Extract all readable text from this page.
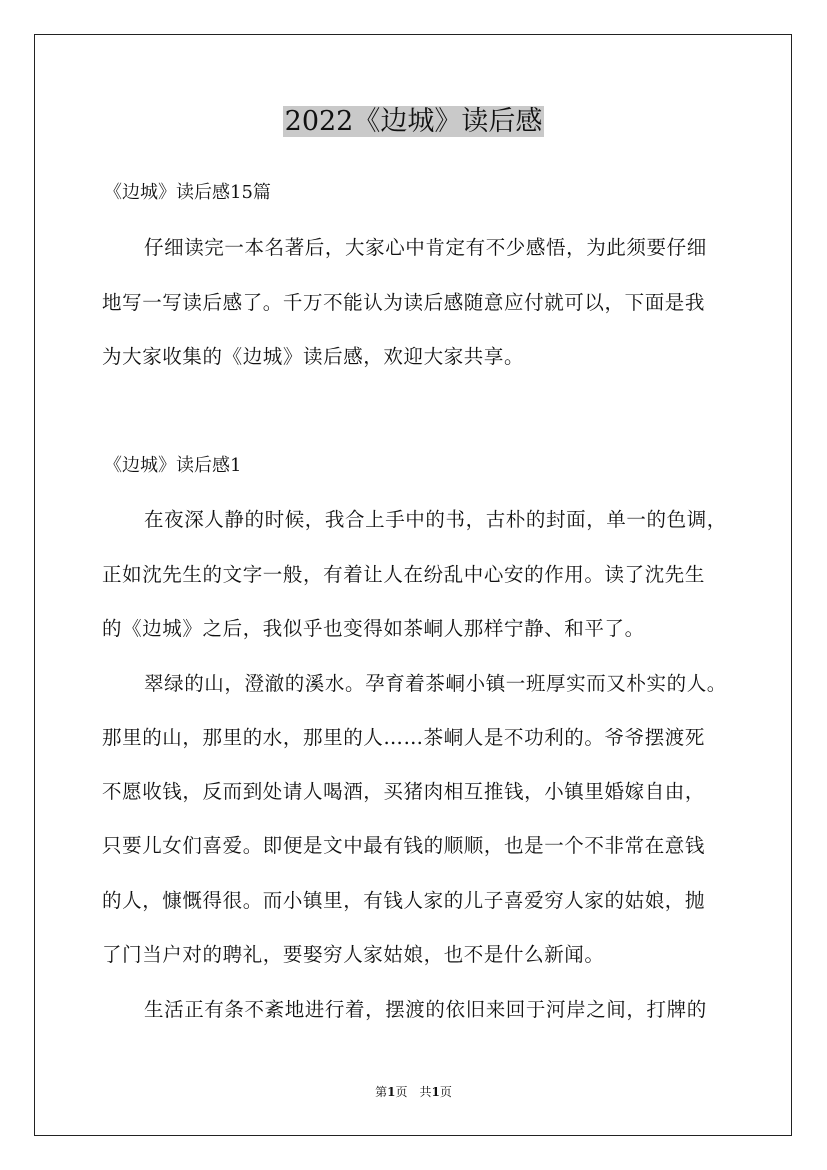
2022《边城》读后感
《边城》读后感15篇
仔细读完一本名著后，大家心中肯定有不少感悟，为此须要仔细
地写一写读后感了。千万不能认为读后感随意应付就可以，下面是我
为大家收集的《边城》读后感，欢迎大家共享。
《边城》读后感1
在夜深人静的时候，我合上手中的书，古朴的封面，单一的色调，
正如沈先生的文字一般，有着让人在纷乱中心安的作用。读了沈先生
的《边城》之后，我似乎也变得如茶峒人那样宁静、和平了。
翠绿的山，澄澈的溪水。孕育着茶峒小镇一班厚实而又朴实的人。
那里的山，那里的水，那里的人……茶峒人是不功利的。爷爷摆渡死
不愿收钱，反而到处请人喝酒，买猪肉相互推钱，小镇里婚嫁自由，
只要儿女们喜爱。即便是文中最有钱的顺顺，也是一个不非常在意钱
的人，慷慨得很。而小镇里，有钱人家的儿子喜爱穷人家的姑娘，抛
了门当户对的聘礼，要娶穷人家姑娘，也不是什么新闻。
生活正有条不紊地进行着，摆渡的依旧来回于河岸之间，打牌的
第1页　共1页
